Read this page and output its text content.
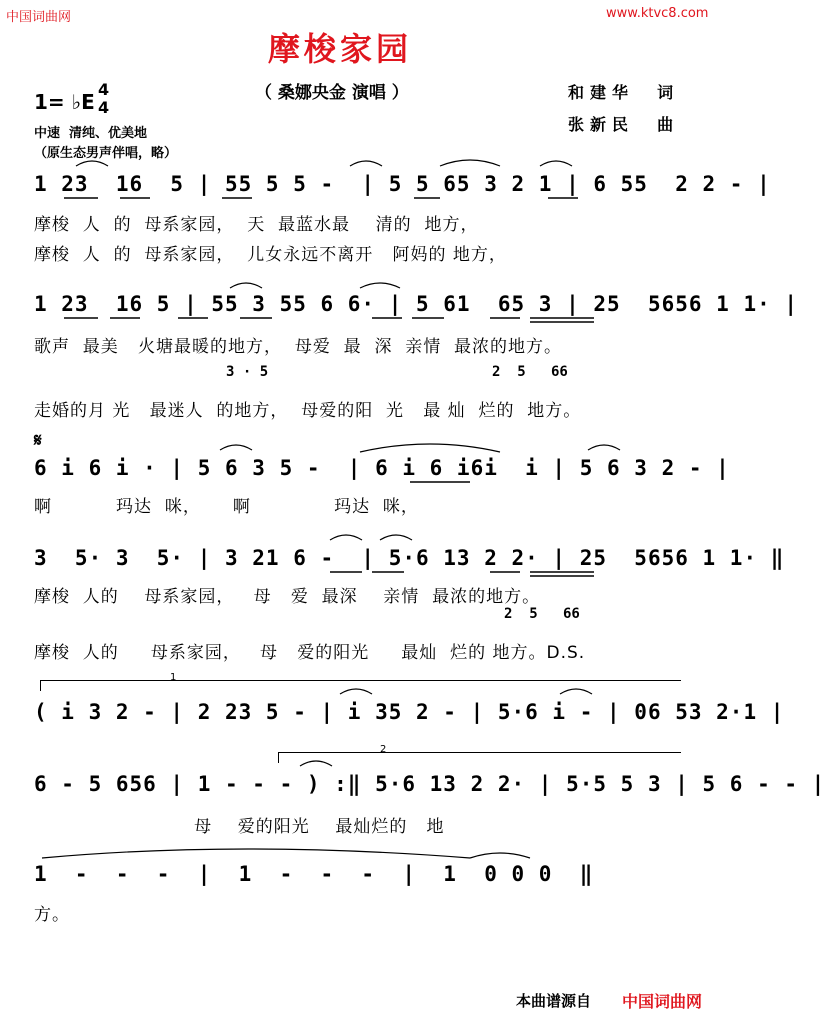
中国词曲网	www.ktvc8.com
摩梭家园
（ 桑娜央金 演唱 ）	和建华  词
张新民  曲
1= ♭E
4
4
中速  清纯、优美地
（原生态男声伴唱，略）
1 23  16  5 | 55 5 5 -  | 5 5 65 3 2 1 | 6 55  2 2 - |
摩梭  人  的  母系家园，  天  最蓝水最    清的  地方，
摩梭  人  的  母系家园，  儿女永远不离开   阿妈的 地方，
1 23  16 5 | 55 3 55 6 6· | 5 61  65 3 | 25  5656 1 1· |
歌声  最美   火塘最暖的地方，  母爱  最  深  亲情  最浓的地方。
3 · 5	2  5   66
走婚的月 光   最迷人  的地方，  母爱的阳  光   最 灿  烂的  地方。
𝄋
6 i 6 i · | 5 6 3 5 -  | 6 i 6 i6i  i | 5 6 3 2 - |
啊          玛达  咪，     啊             玛达  咪，
3  5· 3  5· | 3 21 6 -  | 5·6 13 2 2· | 25  5656 1 1· ‖
摩梭  人的    母系家园，   母   爱  最深    亲情  最浓的地方。
2  5   66
摩梭  人的     母系家园，   母   爱的阳光     最灿  烂的 地方。D.S.
1
( i 3 2 - | 2 23 5 - | i 35 2 - | 5·6 i - | 06 53 2·1 |
2
6 - 5 656 | 1 - - - ) :‖ 5·6 13 2 2· | 5·5 5 3 | 5 6 - - |
母    爱的阳光    最灿烂的   地
1  -  -  -  |  1  -  -  -  |  1  0 0 0  ‖
方。
本曲谱源自 中国词曲网
